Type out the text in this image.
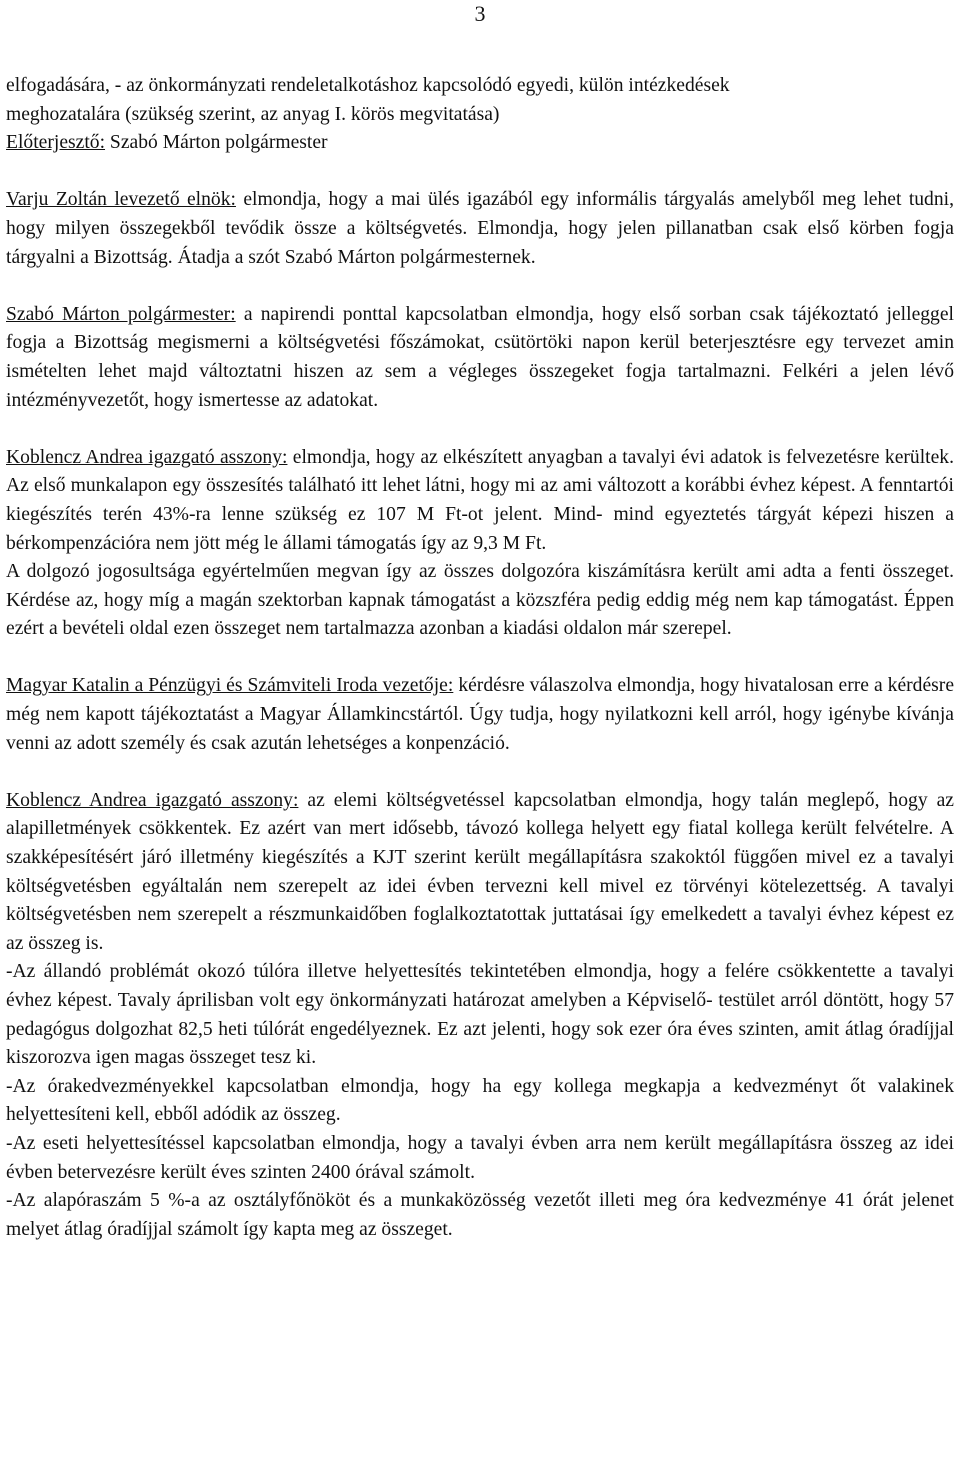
3

elfogadására, - az önkormányzati rendeletalkotáshoz kapcsolódó egyedi, külön intézkedések

meghozatalára (szükség szerint, az anyag I. körös megvitatása)

Előterjesztő: Szabó Márton polgármester

Varju Zoltán levezető elnök: elmondja, hogy a mai ülés igazából egy informális tárgyalás amelyből meg lehet tudni, hogy milyen összegekből tevődik össze a költségvetés. Elmondja, hogy jelen pillanatban csak első körben fogja tárgyalni a Bizottság. Átadja a szót Szabó Márton polgármesternek.

Szabó Márton polgármester: a napirendi ponttal kapcsolatban elmondja, hogy első sorban csak tájékoztató jelleggel fogja a Bizottság megismerni a költségvetési főszámokat, csütörtöki napon kerül beterjesztésre egy tervezet amin ismételten lehet majd változtatni hiszen az sem a végleges összegeket fogja tartalmazni. Felkéri a jelen lévő intézményvezetőt, hogy ismertesse az adatokat.

Koblencz Andrea igazgató asszony: elmondja, hogy az elkészített anyagban a tavalyi évi adatok is felvezetésre kerültek. Az első munkalapon egy összesítés található itt lehet látni, hogy mi az ami változott a korábbi évhez képest. A fenntartói kiegészítés terén 43%-ra lenne szükség ez 107 M Ft-ot jelent. Mind- mind egyeztetés tárgyát képezi hiszen a bérkompenzációra nem jött még le állami támogatás így az 9,3 M Ft.

A dolgozó jogosultsága egyértelműen megvan így az összes dolgozóra kiszámításra került ami adta a fenti összeget. Kérdése az, hogy míg a magán szektorban kapnak támogatást a közszféra pedig eddig még nem kap támogatást. Éppen ezért a bevételi oldal ezen összeget nem tartalmazza azonban a kiadási oldalon már szerepel.

Magyar Katalin a Pénzügyi és Számviteli Iroda vezetője: kérdésre válaszolva elmondja, hogy hivatalosan erre a kérdésre még nem kapott tájékoztatást a Magyar Államkincstártól. Úgy tudja, hogy nyilatkozni kell arról, hogy igénybe kívánja venni az adott személy és csak azután lehetséges a konpenzáció.

Koblencz Andrea igazgató asszony: az elemi költségvetéssel kapcsolatban elmondja, hogy talán meglepő, hogy az alapilletmények csökkentek. Ez azért van mert idősebb, távozó kollega helyett egy fiatal kollega került felvételre. A szakképesítésért járó illetmény kiegészítés a KJT szerint került megállapításra szakoktól függően mivel ez a tavalyi költségvetésben egyáltalán nem szerepelt az idei évben tervezni kell mivel ez törvényi kötelezettség. A tavalyi költségvetésben nem szerepelt a részmunkaidőben foglalkoztatottak juttatásai így emelkedett a tavalyi évhez képest ez az összeg is.

-Az állandó problémát okozó túlóra illetve helyettesítés tekintetében elmondja, hogy a felére csökkentette a tavalyi évhez képest. Tavaly áprilisban volt egy önkormányzati határozat amelyben a Képviselő- testület arról döntött, hogy 57 pedagógus dolgozhat 82,5 heti túlórát engedélyeznek. Ez azt jelenti, hogy sok ezer óra éves szinten, amit átlag óradíjjal kiszorozva igen magas összeget tesz ki.

-Az órakedvezményekkel kapcsolatban elmondja, hogy ha egy kollega megkapja a kedvezményt őt valakinek helyettesíteni kell, ebből adódik az összeg.

-Az eseti helyettesítéssel kapcsolatban elmondja, hogy a tavalyi évben arra nem került megállapításra összeg az idei évben betervezésre került éves szinten 2400 órával számolt.

-Az alapóraszám 5 %-a az osztályfőnököt és a munkaközösség vezetőt illeti meg óra kedvezménye 41 órát jelenet melyet átlag óradíjjal számolt így kapta meg az összeget.
